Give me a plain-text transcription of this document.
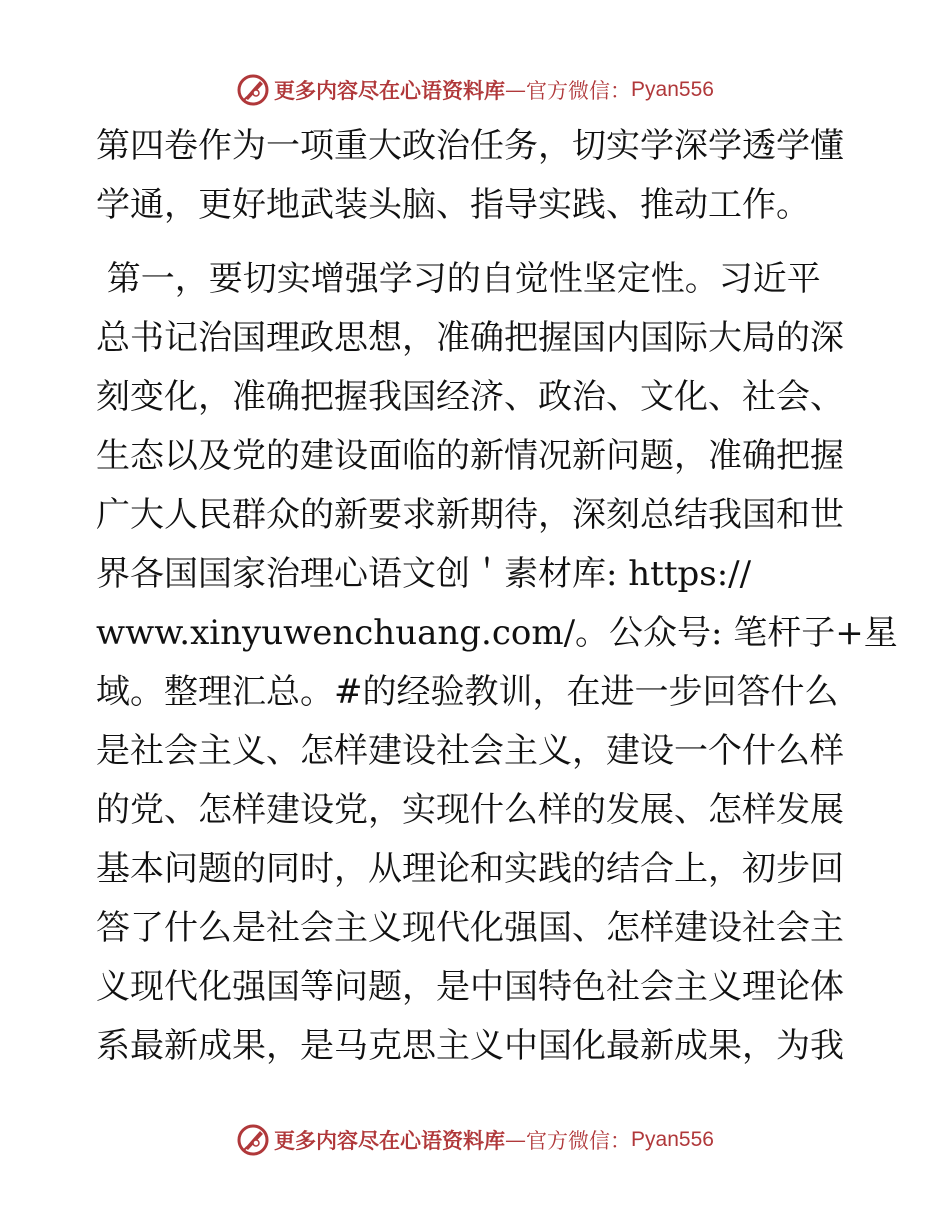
更多内容尽在心语资料库 — 官方微信： Pyan556
第四卷作为一项重大政治任务，切实学深学透学懂
学通，更好地武装头脑、指导实践、推动工作。
第一，要切实增强学习的自觉性坚定性。习近平
总书记治国理政思想，准确把握国内国际大局的深
刻变化，准确把握我国经济、政治、文化、社会、
生态以及党的建设面临的新情况新问题，准确把握
广大人民群众的新要求新期待，深刻总结我国和世
界各国国家治理心语文创＇素材库: https://
www.xinyuwenchuang.com/。公众号: 笔杆子+星
域。整理汇总。#的经验教训，在进一步回答什么
是社会主义、怎样建设社会主义，建设一个什么样
的党、怎样建设党，实现什么样的发展、怎样发展
基本问题的同时，从理论和实践的结合上，初步回
答了什么是社会主义现代化强国、怎样建设社会主
义现代化强国等问题，是中国特色社会主义理论体
系最新成果，是马克思主义中国化最新成果，为我
更多内容尽在心语资料库 — 官方微信： Pyan556
